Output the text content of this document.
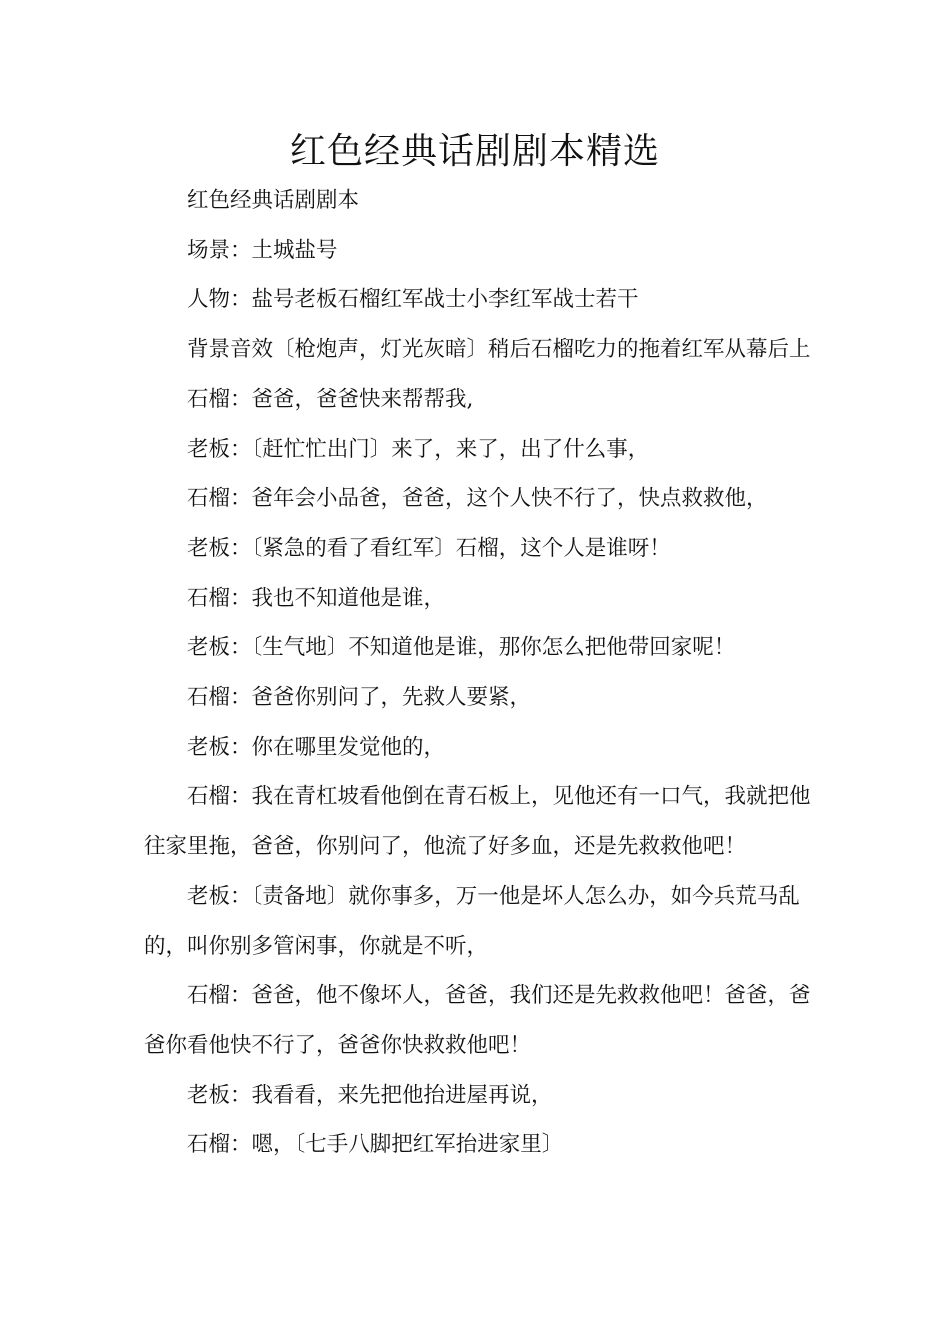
红色经典话剧剧本精选

红色经典话剧剧本

场景：土城盐号

人物：盐号老板石榴红军战士小李红军战士若干

背景音效〔枪炮声，灯光灰暗〕稍后石榴吃力的拖着红军从幕后上

石榴：爸爸，爸爸快来帮帮我,

老板：〔赶忙忙出门〕来了，来了，出了什么事，

石榴：爸年会小品爸，爸爸，这个人快不行了，快点救救他，

老板：〔紧急的看了看红军〕石榴，这个人是谁呀！

石榴：我也不知道他是谁，

老板：〔生气地〕不知道他是谁，那你怎么把他带回家呢！

石榴：爸爸你别问了，先救人要紧，

老板：你在哪里发觉他的，

石榴：我在青杠坡看他倒在青石板上，见他还有一口气，我就把他往家里拖，爸爸，你别问了，他流了好多血，还是先救救他吧！

老板：〔责备地〕就你事多，万一他是坏人怎么办，如今兵荒马乱的，叫你别多管闲事，你就是不听，

石榴：爸爸，他不像坏人，爸爸，我们还是先救救他吧！爸爸，爸爸你看他快不行了，爸爸你快救救他吧！

老板：我看看，来先把他抬进屋再说，

石榴：嗯，〔七手八脚把红军抬进家里〕
